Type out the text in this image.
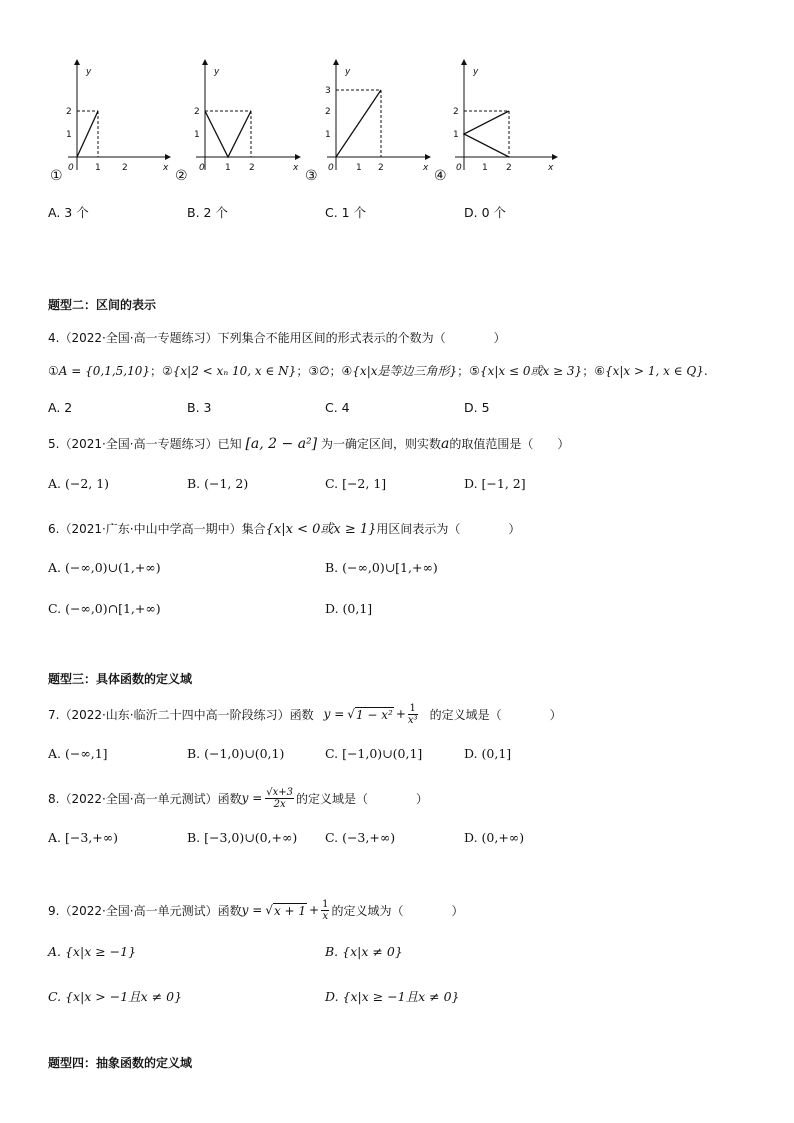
y
x
0 1 2
1
2
①
y
x
0 1 2
1
2
②
y
x
0 1 2
1
2
3
③
y
x
0 1 2
1
2
④
A. 3 个	B. 2 个	C. 1 个	D. 0 个
题型二：区间的表示
4.（2022·全国·高一专题练习）下列集合不能用区间的形式表示的个数为（　　　　）
①A = {0,1,5,10}；②{x|2 < xₙ 10, x ∈ N}；③∅；④{x|x是等边三角形}；⑤{x|x ≤ 0或x ≥ 3}；⑥{x|x > 1, x ∈ Q}.
A. 2	B. 3	C. 4	D. 5
5.（2021·全国·高一专题练习）已知 [a, 2 − a²] 为一确定区间，则实数a的取值范围是（　　）
A. (−2, 1)	B. (−1, 2)	C. [−2, 1]	D. [−1, 2]
6.（2021·广东·中山中学高一期中）集合{x|x < 0或x ≥ 1}用区间表示为（　　　　）
A. (−∞,0)∪(1,+∞)	B. (−∞,0)∪[1,+∞)
C. (−∞,0)∩[1,+∞)	D. (0,1]
题型三：具体函数的定义域
7.（2022·山东·临沂二十四中高一阶段练习）函数 y = √ $1 - x^2 + \frac{1}{\text{x³}}$ 的定义域是（　　　　）
A. (−∞,1]	B. (−1,0)∪(0,1)	C. [−1,0)∪(0,1]	D. (0,1]
8.（2022·全国·高一单元测试）函数 $y = \frac{√x+3}{2x}$ 的定义域是（　　　　）
A. [−3,+∞)	B. [−3,0)∪(0,+∞) C. (−3,+∞)	D. (0,+∞)
9.（2022·全国·高一单元测试）函数 y = √ $x + 1 + \frac{1}{x}$ 的定义域为（　　　　）
A. {x|x ≥ −1}	B. {x|x ≠ 0}
C. {x|x > −1且x ≠ 0}	D. {x|x ≥ −1且x ≠ 0}
题型四：抽象函数的定义域
